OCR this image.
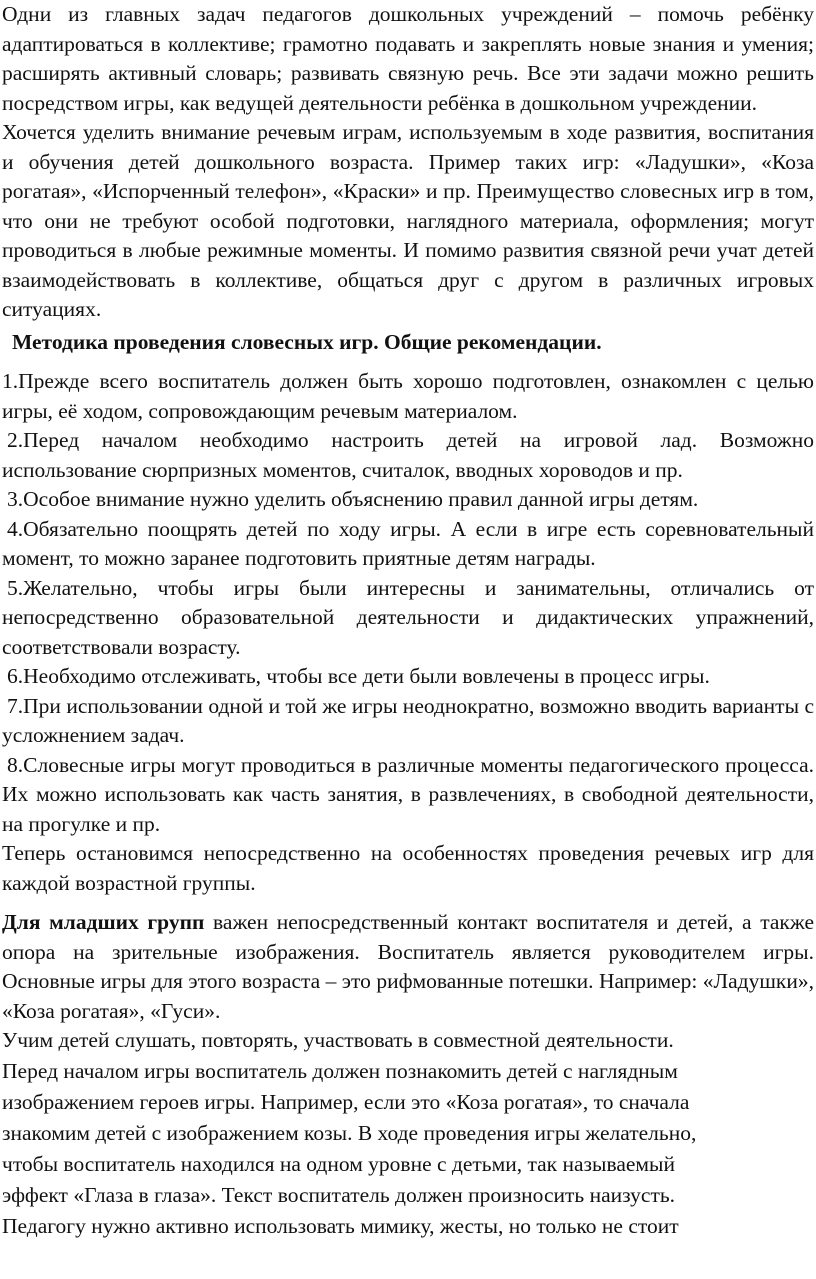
Одни из главных задач педагогов дошкольных учреждений – помочь ребёнку адаптироваться в коллективе; грамотно подавать и закреплять новые знания и умения; расширять активный словарь; развивать связную речь. Все эти задачи можно решить посредством игры, как ведущей деятельности ребёнка в дошкольном учреждении.

Хочется уделить внимание речевым играм, используемым в ходе развития, воспитания и обучения детей дошкольного возраста. Пример таких игр: «Ладушки», «Коза рогатая», «Испорченный телефон», «Краски» и пр. Преимущество словесных игр в том, что они не требуют особой подготовки, наглядного материала, оформления; могут проводиться в любые режимные моменты. И помимо развития связной речи учат детей взаимодействовать в коллективе, общаться друг с другом в различных игровых ситуациях.

Методика проведения словесных игр. Общие рекомендации.

1.Прежде всего воспитатель должен быть хорошо подготовлен, ознакомлен с целью игры, её ходом, сопровождающим речевым материалом.

2.Перед началом необходимо настроить детей на игровой лад. Возможно использование сюрпризных моментов, считалок, вводных хороводов и пр.

3.Особое внимание нужно уделить объяснению правил данной игры детям.

4.Обязательно поощрять детей по ходу игры. А если в игре есть соревновательный момент, то можно заранее подготовить приятные детям награды.

5.Желательно, чтобы игры были интересны и занимательны, отличались от непосредственно образовательной деятельности и дидактических упражнений, соответствовали возрасту.

6.Необходимо отслеживать, чтобы все дети были вовлечены в процесс игры.

7.При использовании одной и той же игры неоднократно, возможно вводить варианты с усложнением задач.

8.Словесные игры могут проводиться в различные моменты педагогического процесса. Их можно использовать как часть занятия, в развлечениях, в свободной деятельности, на прогулке и пр.

Теперь остановимся непосредственно на особенностях проведения речевых игр для каждой возрастной группы.

Для младших групп важен непосредственный контакт воспитателя и детей, а также опора на зрительные изображения. Воспитатель является руководителем игры. Основные игры для этого возраста – это рифмованные потешки. Например: «Ладушки», «Коза рогатая», «Гуси».

Учим детей слушать, повторять, участвовать в совместной деятельности.

Перед началом игры воспитатель должен познакомить детей с наглядным

изображением героев игры. Например, если это «Коза рогатая», то сначала

знакомим детей с изображением козы. В ходе проведения игры желательно,

чтобы воспитатель находился на одном уровне с детьми, так называемый

эффект «Глаза в глаза». Текст воспитатель должен произносить наизусть.

Педагогу нужно активно использовать мимику, жесты, но только не стоит
